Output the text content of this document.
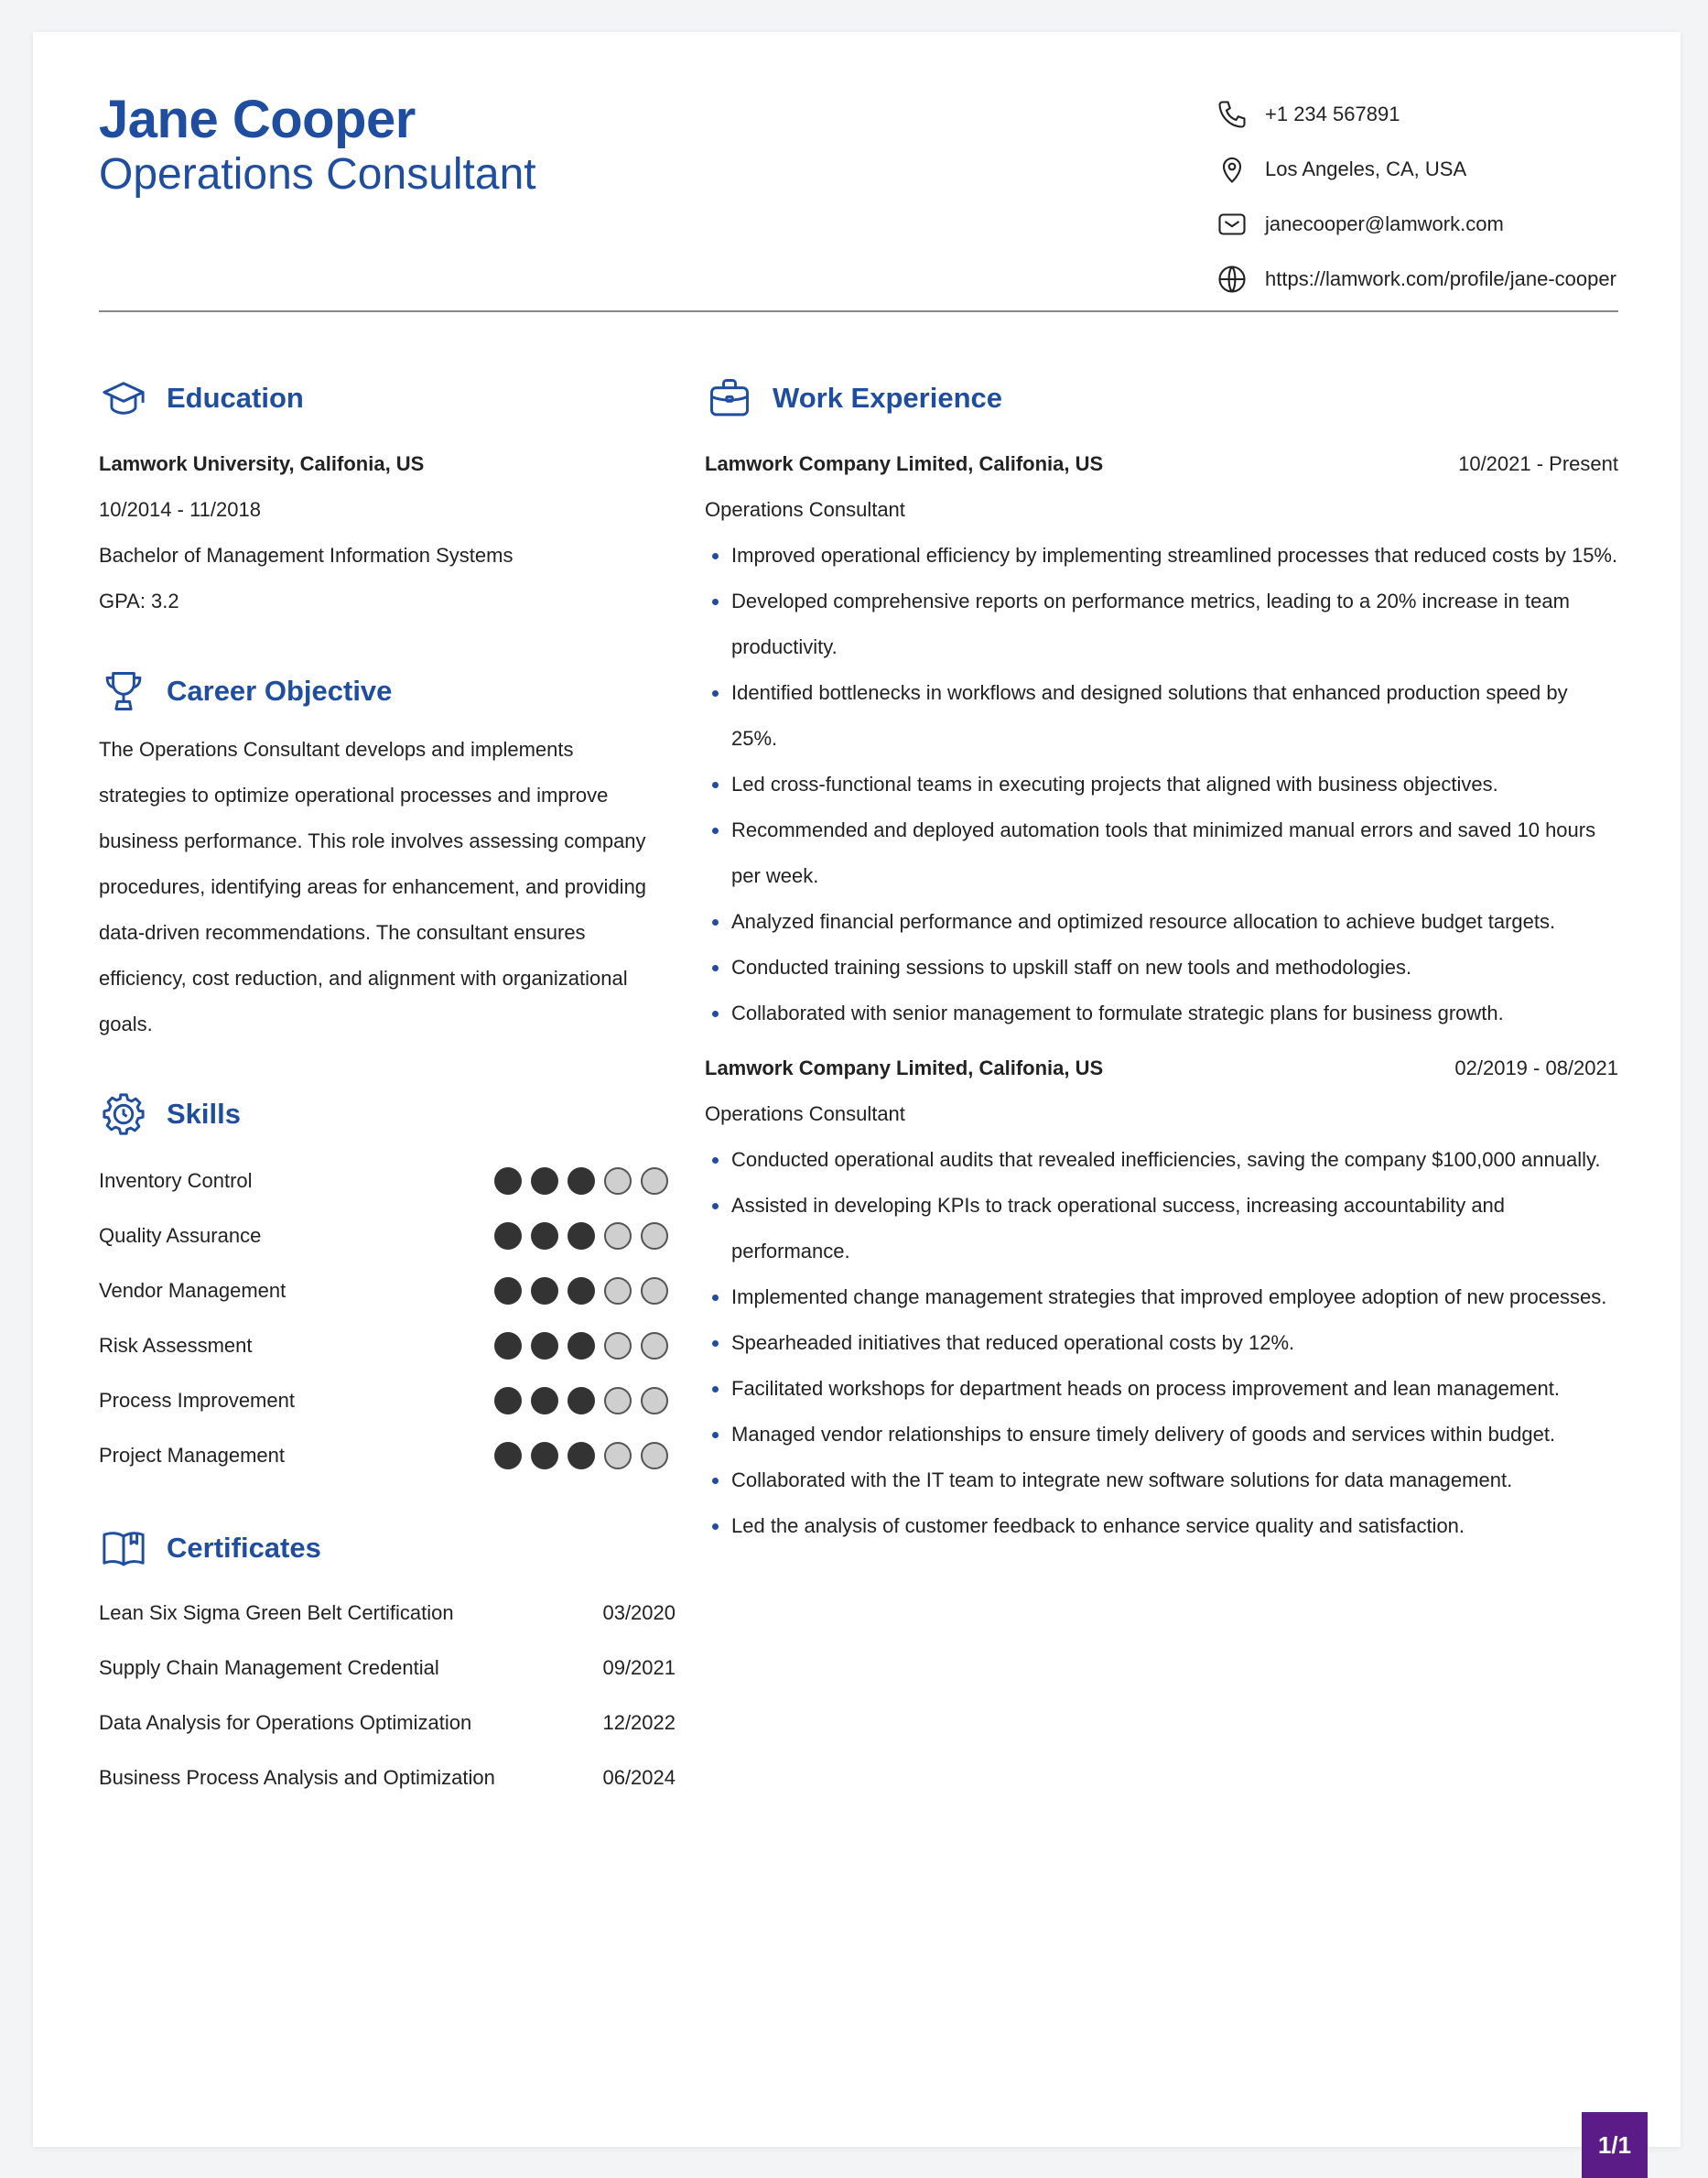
Jane Cooper
Operations Consultant
+1 234 567891
Los Angeles, CA, USA
janecooper@lamwork.com
https://lamwork.com/profile/jane-cooper
Education
Lamwork University, Califonia, US
10/2014 - 11/2018
Bachelor of Management Information Systems
GPA: 3.2
Career Objective
The Operations Consultant develops and implements
strategies to optimize operational processes and improve
business performance. This role involves assessing company
procedures, identifying areas for enhancement, and providing
data-driven recommendations. The consultant ensures
efficiency, cost reduction, and alignment with organizational
goals.
Skills
Inventory Control
Quality Assurance
Vendor Management
Risk Assessment
Process Improvement
Project Management
Certificates
Lean Six Sigma Green Belt Certification	03/2020
Supply Chain Management Credential	09/2021
Data Analysis for Operations Optimization	12/2022
Business Process Analysis and Optimization	06/2024
Work Experience
Lamwork Company Limited, Califonia, US	10/2021 - Present
Operations Consultant
Improved operational efficiency by implementing streamlined processes that reduced costs by 15%.
Developed comprehensive reports on performance metrics, leading to a 20% increase in team productivity.
Identified bottlenecks in workflows and designed solutions that enhanced production speed by 25%.
Led cross-functional teams in executing projects that aligned with business objectives.
Recommended and deployed automation tools that minimized manual errors and saved 10 hours per week.
Analyzed financial performance and optimized resource allocation to achieve budget targets.
Conducted training sessions to upskill staff on new tools and methodologies.
Collaborated with senior management to formulate strategic plans for business growth.
Lamwork Company Limited, Califonia, US	02/2019 - 08/2021
Operations Consultant
Conducted operational audits that revealed inefficiencies, saving the company $100,000 annually.
Assisted in developing KPIs to track operational success, increasing accountability and performance.
Implemented change management strategies that improved employee adoption of new processes.
Spearheaded initiatives that reduced operational costs by 12%.
Facilitated workshops for department heads on process improvement and lean management.
Managed vendor relationships to ensure timely delivery of goods and services within budget.
Collaborated with the IT team to integrate new software solutions for data management.
Led the analysis of customer feedback to enhance service quality and satisfaction.
1/1
